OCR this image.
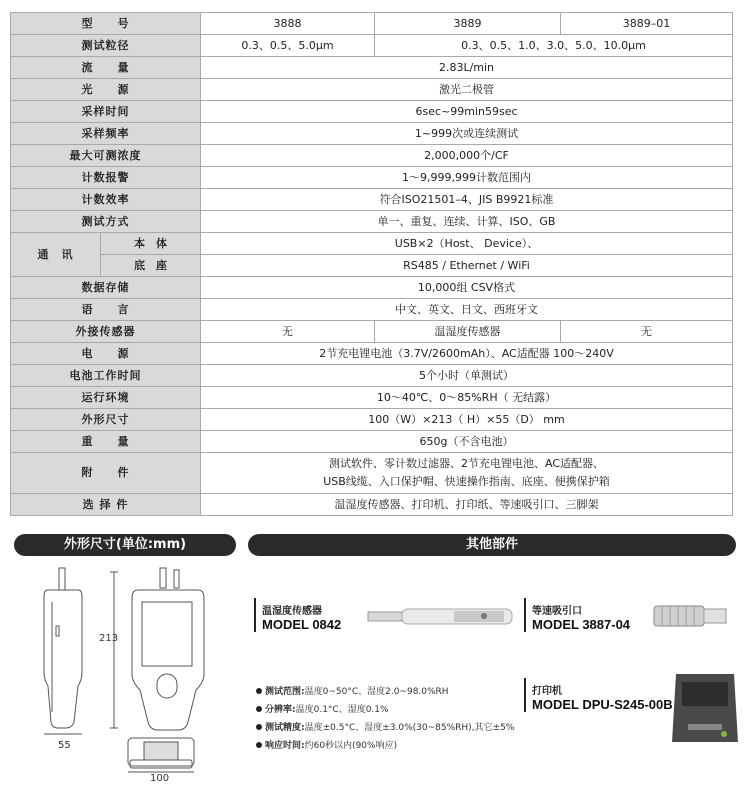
型　　号		3888	3889	3889–01
测试粒径		0.3、0.5、5.0μm	0.3、0.5、1.0、3.0、5.0、10.0μm	
流　　量		2.83L/min		
光　　源		激光二极管		
采样时间		6sec~99min59sec		
采样频率		1~999次或连续测试		
最大可测浓度		2,000,000个/CF		
计数报警		1～9,999,999计数范围内		
计数效率		符合ISO21501–4、JIS B9921标准		
测试方式		单一、重复、连续、计算、ISO、GB		
通　讯	本　体	USB×2（Host、 Device）、		
	底　座	RS485 / Ethernet / WiFi		
数据存储		10,000组 CSV格式		
语　　言		中文、英文、日文、西班牙文		
外接传感器		无	温湿度传感器	无
电　　源		2节充电锂电池（3.7V/2600mAh）、AC适配器 100～240V		
电池工作时间		5个小时（单测试）		
运行环境		10～40℃、0～85%RH（ 无结露）		
外形尺寸		100（W）×213（ H）×55（D） mm		
重　　量		650g（不含电池）		
附　　件		测试软件、零计数过滤器、2节充电锂电池、AC适配器、
USB线缆、入口保护帽、快速操作指南、底座、便携保护箱		

选 择 件		温湿度传感器、打印机、打印纸、等速吸引口、三脚架		
外形尺寸(单位:mm)	其他部件
213
55
100
温湿度传感器
MODEL 0842
等速吸引口
MODEL 3887-04
打印机
MODEL DPU-S245-00B
测试范围:温度0~50°C、湿度2.0~98.0%RH
分辨率:温度0.1°C、湿度0.1%
测试精度:温度±0.5°C、湿度±3.0%(30~85%RH),其它±5%
响应时间:约60秒以内(90%响应)
